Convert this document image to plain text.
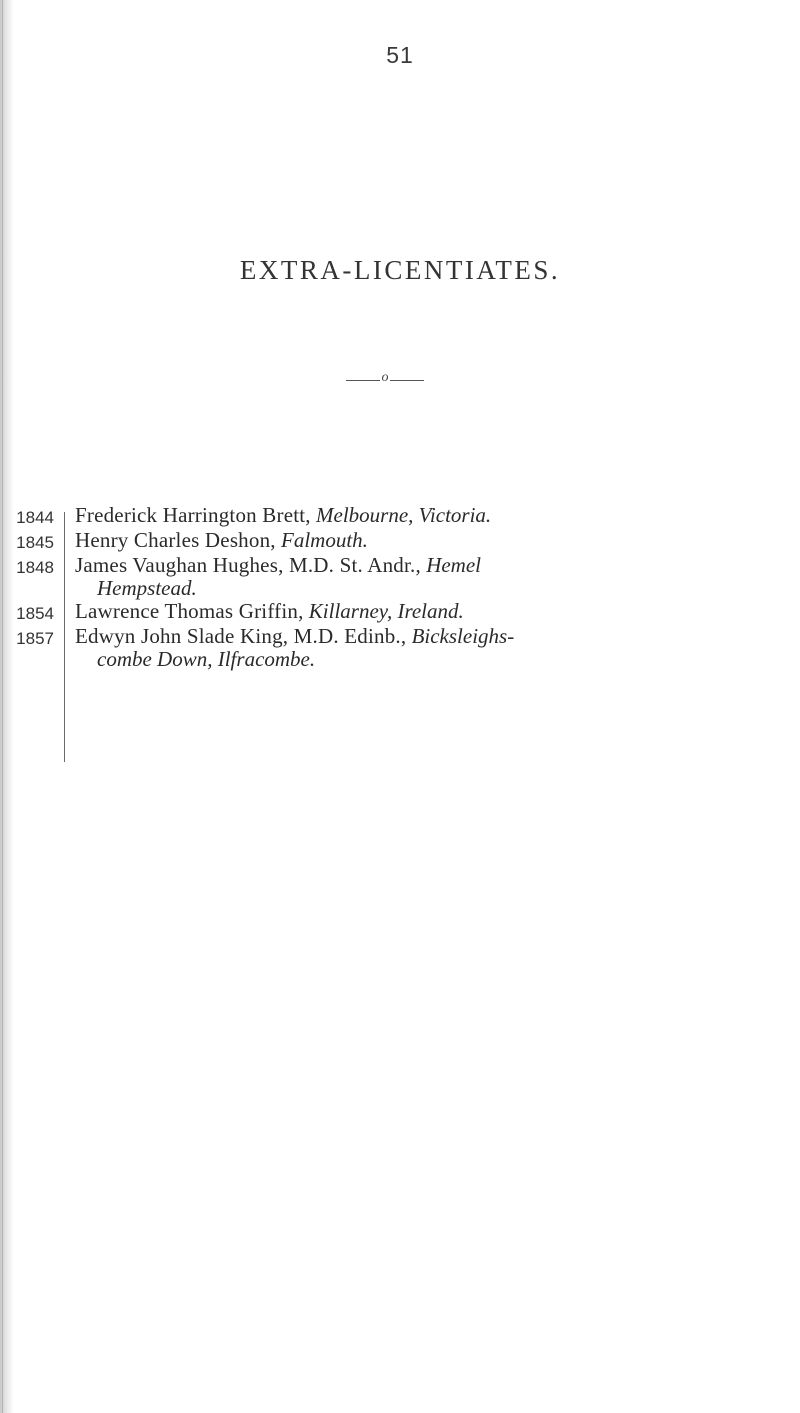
51
EXTRA-LICENTIATES.
o
1844 Frederick Harrington Brett, Melbourne, Victoria.
1845 Henry Charles Deshon, Falmouth.
1848 James Vaughan Hughes, M.D. St. Andr., Hemel
Hempstead.
1854 Lawrence Thomas Griffin, Killarney, Ireland.
1857 Edwyn John Slade King, M.D. Edinb., Bicksleighs-
combe Down, Ilfracombe.
